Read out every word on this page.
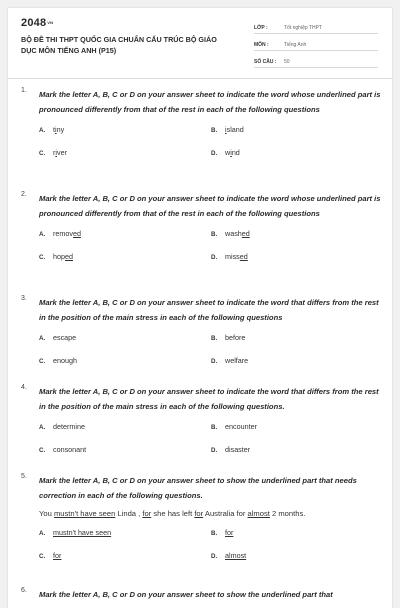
2048VN
BỘ ĐỀ THI THPT QUỐC GIA CHUẨN CẤU TRÚC BỘ GIÁO DỤC MÔN TIẾNG ANH (P15)
LỚP :	Tốt nghiệp THPT
MÔN :	Tiếng Anh
SỐ CÂU :	50
1. Mark the letter A, B, C or D on your answer sheet to indicate the word whose underlined part is pronounced differently from that of the rest in each of the following questions
A. tiny	B. island
C. river	D. wind
2. Mark the letter A, B, C or D on your answer sheet to indicate the word whose underlined part is pronounced differently from that of the rest in each of the following questions
A. removed	B. washed
C. hoped	D. missed
3. Mark the letter A, B, C or D on your answer sheet to indicate the word that differs from the rest in the position of the main stress in each of the following questions
A. escape	B. before
C. enough	D. welfare
4. Mark the letter A, B, C or D on your answer sheet to indicate the word that differs from the rest in the position of the main stress in each of the following questions.
A. determine	B. encounter
C. consonant	D. disaster
5. Mark the letter A, B, C or D on your answer sheet to show the underlined part that needs correction in each of the following questions.
You mustn't have seen Linda , for she has left for Australia for almost 2 months.
A. mustn't have seen	B. for
C. for	D. almost
6. Mark the letter A, B, C or D on your answer sheet to show the underlined part that
